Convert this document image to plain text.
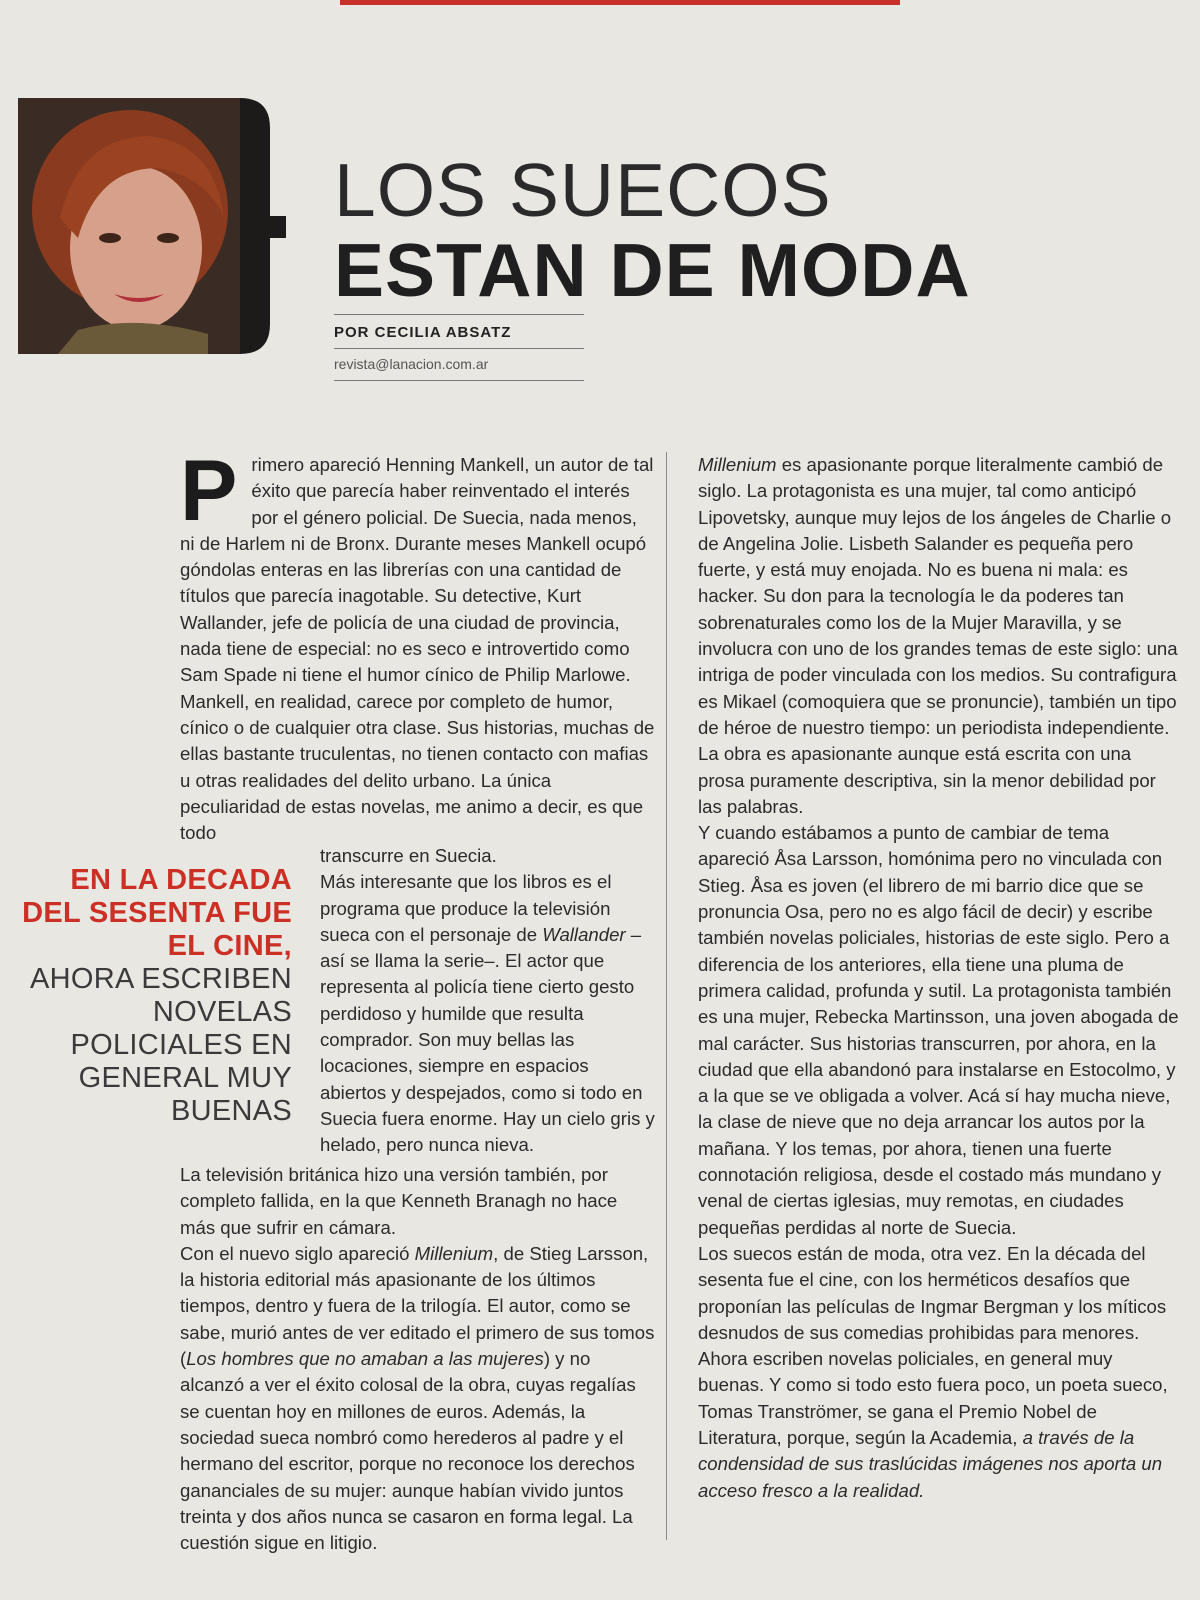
LOS SUECOS
ESTAN DE MODA
POR CECILIA ABSATZ
revista@lanacion.com.ar

Primero apareció Henning Mankell, un autor de tal éxito que parecía haber reinventado el interés por el género policial. De Suecia, nada menos, ni de Harlem ni de Bronx. Durante meses Mankell ocupó góndolas enteras en las librerías con una cantidad de títulos que parecía inagotable. Su detective, Kurt Wallander, jefe de policía de una ciudad de provincia, nada tiene de especial: no es seco e introvertido como Sam Spade ni tiene el humor cínico de Philip Marlowe. Mankell, en realidad, carece por completo de humor, cínico o de cualquier otra clase. Sus historias, muchas de ellas bastante truculentas, no tienen contacto con mafias u otras realidades del delito urbano. La única peculiaridad de estas novelas, me animo a decir, es que todo

transcurre en Suecia.

Más interesante que los libros es el programa que produce la televisión sueca con el personaje de Wallander –así se llama la serie–. El actor que representa al policía tiene cierto gesto perdidoso y humilde que resulta comprador. Son muy bellas las locaciones, siempre en espacios abiertos y despejados, como si todo en Suecia fuera enorme. Hay un cielo gris y helado, pero nunca nieva.

EN LA DECADA DEL SESENTA FUE EL CINE,
AHORA ESCRIBEN NOVELAS POLICIALES EN GENERAL MUY BUENAS

La televisión británica hizo una versión también, por completo fallida, en la que Kenneth Branagh no hace más que sufrir en cámara.

Con el nuevo siglo apareció Millenium, de Stieg Larsson, la historia editorial más apasionante de los últimos tiempos, dentro y fuera de la trilogía. El autor, como se sabe, murió antes de ver editado el primero de sus tomos (Los hombres que no amaban a las mujeres) y no alcanzó a ver el éxito colosal de la obra, cuyas regalías se cuentan hoy en millones de euros. Además, la sociedad sueca nombró como herederos al padre y el hermano del escritor, porque no reconoce los derechos gananciales de su mujer: aunque habían vivido juntos treinta y dos años nunca se casaron en forma legal. La cuestión sigue en litigio.

Millenium es apasionante porque literalmente cambió de siglo. La protagonista es una mujer, tal como anticipó Lipovetsky, aunque muy lejos de los ángeles de Charlie o de Angelina Jolie. Lisbeth Salander es pequeña pero fuerte, y está muy enojada. No es buena ni mala: es hacker. Su don para la tecnología le da poderes tan sobrenaturales como los de la Mujer Maravilla, y se involucra con uno de los grandes temas de este siglo: una intriga de poder vinculada con los medios. Su contrafigura es Mikael (comoquiera que se pronuncie), también un tipo de héroe de nuestro tiempo: un periodista independiente. La obra es apasionante aunque está escrita con una prosa puramente descriptiva, sin la menor debilidad por las palabras.

Y cuando estábamos a punto de cambiar de tema apareció Åsa Larsson, homónima pero no vinculada con Stieg. Åsa es joven (el librero de mi barrio dice que se pronuncia Osa, pero no es algo fácil de decir) y escribe también novelas policiales, historias de este siglo. Pero a diferencia de los anteriores, ella tiene una pluma de primera calidad, profunda y sutil. La protagonista también es una mujer, Rebecka Martinsson, una joven abogada de mal carácter. Sus historias transcurren, por ahora, en la ciudad que ella abandonó para instalarse en Estocolmo, y a la que se ve obligada a volver. Acá sí hay mucha nieve, la clase de nieve que no deja arrancar los autos por la mañana. Y los temas, por ahora, tienen una fuerte connotación religiosa, desde el costado más mundano y venal de ciertas iglesias, muy remotas, en ciudades pequeñas perdidas al norte de Suecia.

Los suecos están de moda, otra vez. En la década del sesenta fue el cine, con los herméticos desafíos que proponían las películas de Ingmar Bergman y los míticos desnudos de sus comedias prohibidas para menores. Ahora escriben novelas policiales, en general muy buenas. Y como si todo esto fuera poco, un poeta sueco, Tomas Tranströmer, se gana el Premio Nobel de Literatura, porque, según la Academia, a través de la condensidad de sus traslúcidas imágenes nos aporta un acceso fresco a la realidad.
